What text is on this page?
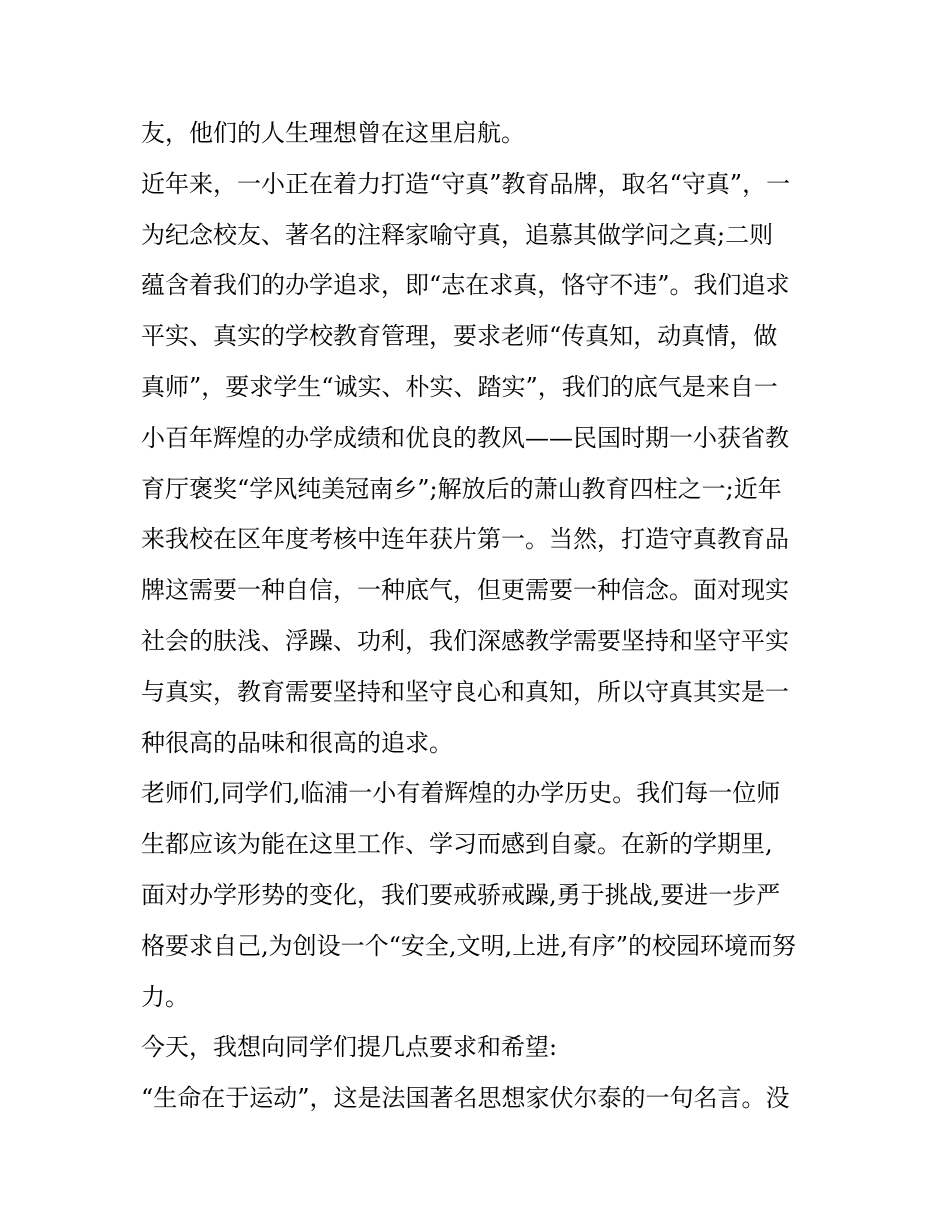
友，他们的人生理想曾在这里启航。
近年来，一小正在着力打造“守真”教育品牌，取名“守真”，一
为纪念校友、著名的注释家喻守真，追慕其做学问之真;二则
蕴含着我们的办学追求，即“志在求真，恪守不违”。我们追求
平实、真实的学校教育管理，要求老师“传真知，动真情，做
真师”，要求学生“诚实、朴实、踏实”，我们的底气是来自一
小百年辉煌的办学成绩和优良的教风——民国时期一小获省教
育厅褒奖“学风纯美冠南乡”;解放后的萧山教育四柱之一;近年
来我校在区年度考核中连年获片第一。当然，打造守真教育品
牌这需要一种自信，一种底气，但更需要一种信念。面对现实
社会的肤浅、浮躁、功利，我们深感教学需要坚持和坚守平实
与真实，教育需要坚持和坚守良心和真知，所以守真其实是一
种很高的品味和很高的追求。
老师们,同学们,临浦一小有着辉煌的办学历史。我们每一位师
生都应该为能在这里工作、学习而感到自豪。在新的学期里,
面对办学形势的变化，我们要戒骄戒躁,勇于挑战,要进一步严
格要求自己,为创设一个“安全,文明,上进,有序”的校园环境而努
力。
今天，我想向同学们提几点要求和希望:
“生命在于运动”，这是法国著名思想家伏尔泰的一句名言。没
